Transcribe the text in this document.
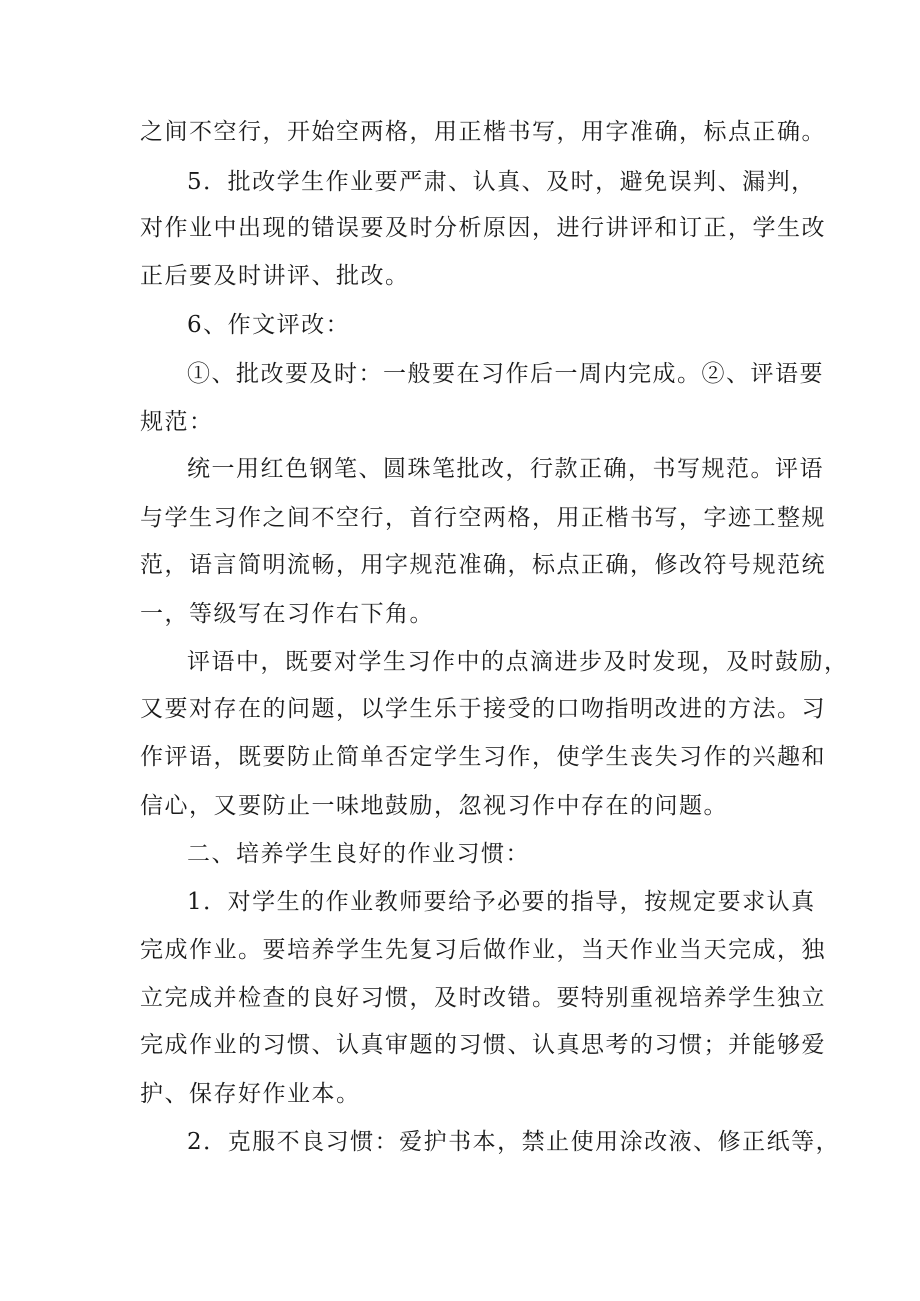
之间不空行，开始空两格，用正楷书写，用字准确，标点正确。

5．批改学生作业要严肃、认真、及时，避免误判、漏判，

对作业中出现的错误要及时分析原因，进行讲评和订正，学生改

正后要及时讲评、批改。

6、作文评改：

①、批改要及时：一般要在习作后一周内完成。②、评语要

规范：

统一用红色钢笔、圆珠笔批改，行款正确，书写规范。评语

与学生习作之间不空行，首行空两格，用正楷书写，字迹工整规

范，语言简明流畅，用字规范准确，标点正确，修改符号规范统

一，等级写在习作右下角。

评语中，既要对学生习作中的点滴进步及时发现，及时鼓励，

又要对存在的问题，以学生乐于接受的口吻指明改进的方法。习

作评语，既要防止简单否定学生习作，使学生丧失习作的兴趣和

信心，又要防止一味地鼓励，忽视习作中存在的问题。

二、培养学生良好的作业习惯：

1．对学生的作业教师要给予必要的指导，按规定要求认真

完成作业。要培养学生先复习后做作业，当天作业当天完成，独

立完成并检查的良好习惯，及时改错。要特别重视培养学生独立

完成作业的习惯、认真审题的习惯、认真思考的习惯；并能够爱

护、保存好作业本。

2．克服不良习惯：爱护书本，禁止使用涂改液、修正纸等，
